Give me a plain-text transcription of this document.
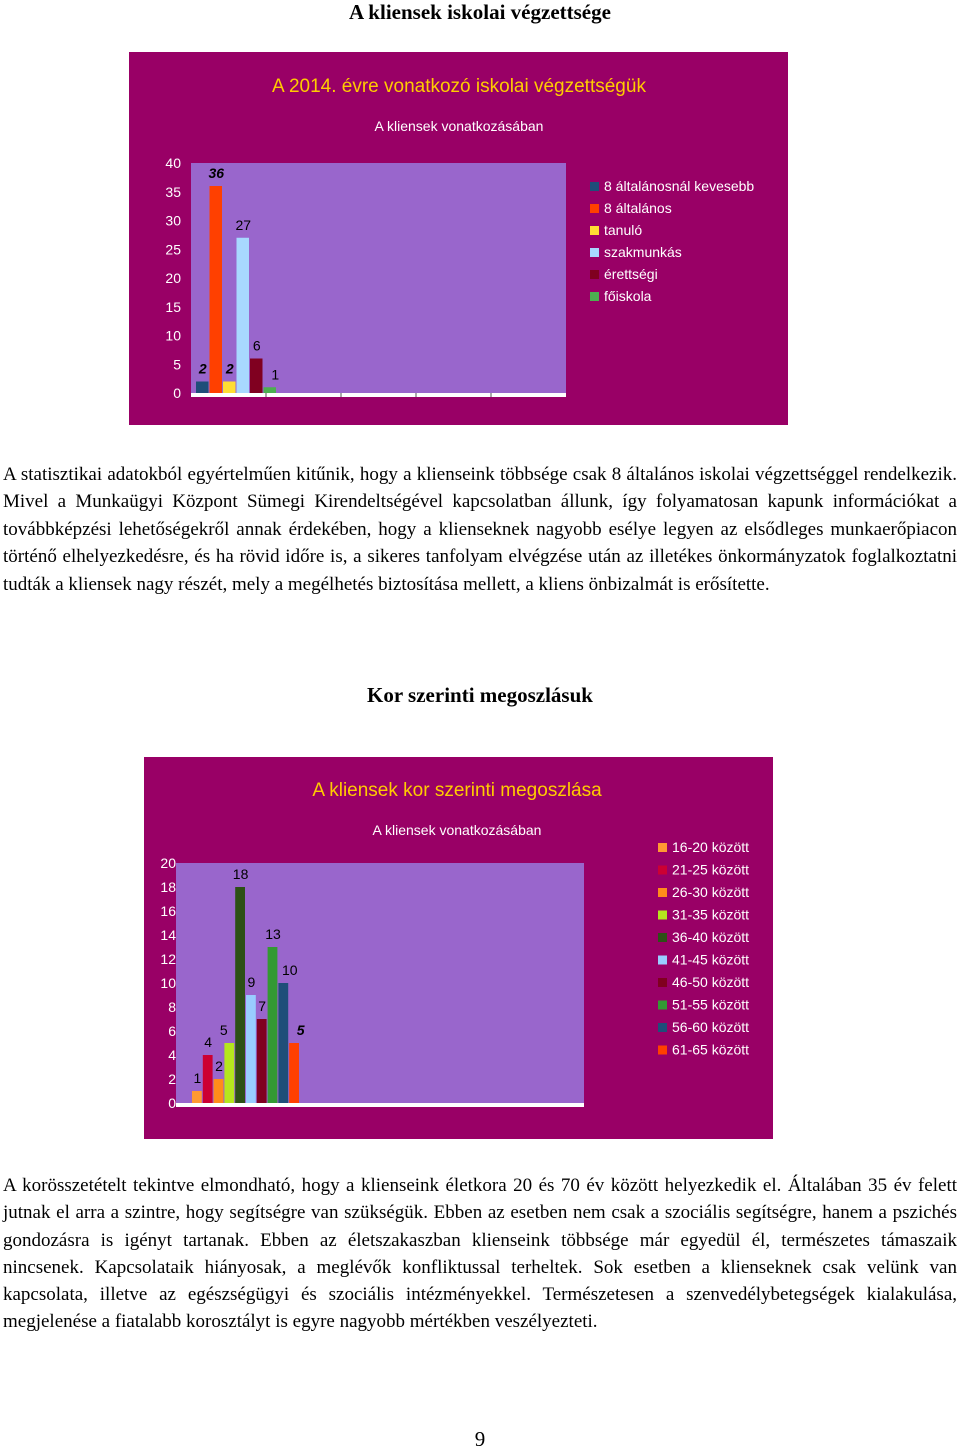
A kliensek iskolai végzettsége
A 2014. évre vonatkozó iskolai végzettségük
A kliensek vonatkozásában
0
5
10
15
20
25
30
35
40
2
36
2
27
6
1
8 általánosnál kevesebb
8 általános
tanuló
szakmunkás
érettségi
főiskola
A statisztikai adatokból egyértelműen kitűnik, hogy a klienseink többsége csak 8 általános iskolai végzettséggel rendelkezik. Mivel a Munkaügyi Központ Sümegi Kirendeltségével kapcsolatban állunk, így folyamatosan kapunk információkat a továbbképzési lehetőségekről annak érdekében, hogy a klienseknek nagyobb esélye legyen az elsődleges munkaerőpiacon történő elhelyezkedésre, és ha rövid időre is, a sikeres tanfolyam elvégzése után az illetékes önkormányzatok foglalkoztatni tudták a kliensek nagy részét, mely a megélhetés biztosítása mellett, a kliens önbizalmát is erősítette.
Kor szerinti megoszlásuk
A kliensek kor szerinti megoszlása
A kliensek vonatkozásában
0
2
4
6
8
10
12
14
16
18
20
1
4
2
5
18
9
7
13
10
5
16-20 között
21-25 között
26-30 között
31-35 között
36-40 között
41-45 között
46-50 között
51-55 között
56-60 között
61-65 között
A korösszetételt tekintve elmondható, hogy a klienseink életkora 20 és 70 év között helyezkedik el. Általában 35 év felett jutnak el arra a szintre, hogy segítségre van szükségük. Ebben az esetben nem csak a szociális segítségre, hanem a pszichés gondozásra is igényt tartanak. Ebben az életszakaszban klienseink többsége már egyedül él, természetes támaszaik nincsenek. Kapcsolataik hiányosak, a meglévők konfliktussal terheltek. Sok esetben a klienseknek csak velünk van kapcsolata, illetve az egészségügyi és szociális intézményekkel. Természetesen a szenvedélybetegségek kialakulása, megjelenése a fiatalabb korosztályt is egyre nagyobb mértékben veszélyezteti.
9
